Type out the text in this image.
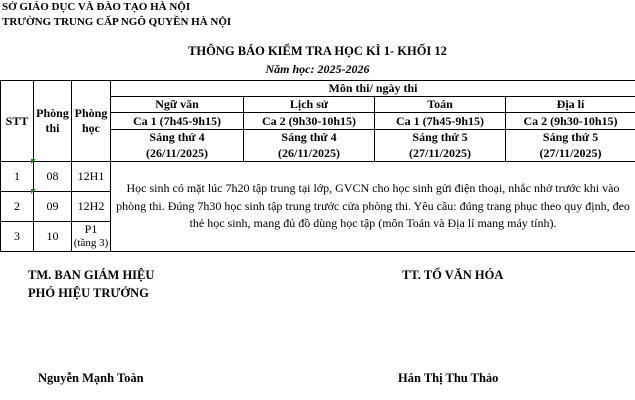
SỞ GIÁO DỤC VÀ ĐÀO TẠO HÀ NỘI
TRƯỜNG TRUNG CẤP NGÔ QUYỀN HÀ NỘI
THÔNG BÁO KIỂM TRA HỌC KÌ 1- KHỐI 12
Năm học: 2025-2026
STT	Phòng thi	Phòng học	Môn thi/ ngày thi			
			Ngữ văn	Lịch sử	Toán	Địa lí
			Ca 1 (7h45-9h15)	Ca 2 (9h30-10h15)	Ca 1 (7h45-9h15)	Ca 2 (9h30-10h15)
			Sáng thứ 4	Sáng thứ 4	Sáng thứ 5	Sáng thứ 5
			(26/11/2025)	(26/11/2025)	(27/11/2025)	(27/11/2025)
1	08	12H1	Học sinh có mặt lúc 7h20 tập trung tại lớp, GVCN cho học sinh gửi điện thoại, nhắc nhở trước khi vào phòng thi. Đúng 7h30 học sinh tập trung trước cửa phòng thi. Yêu cầu: đúng trang phục theo quy định, đeo thẻ học sinh, mang đủ đồ dùng học tập (môn Toán và Địa lí mang máy tính).			
2	09	12H2				
3	10	P1
(tầng 3)				
TM. BAN GIÁM HIỆU
PHÓ HIỆU TRƯỞNG
TT. TỔ VĂN HÓA
Nguyễn Mạnh Toàn	Hán Thị Thu Thảo
